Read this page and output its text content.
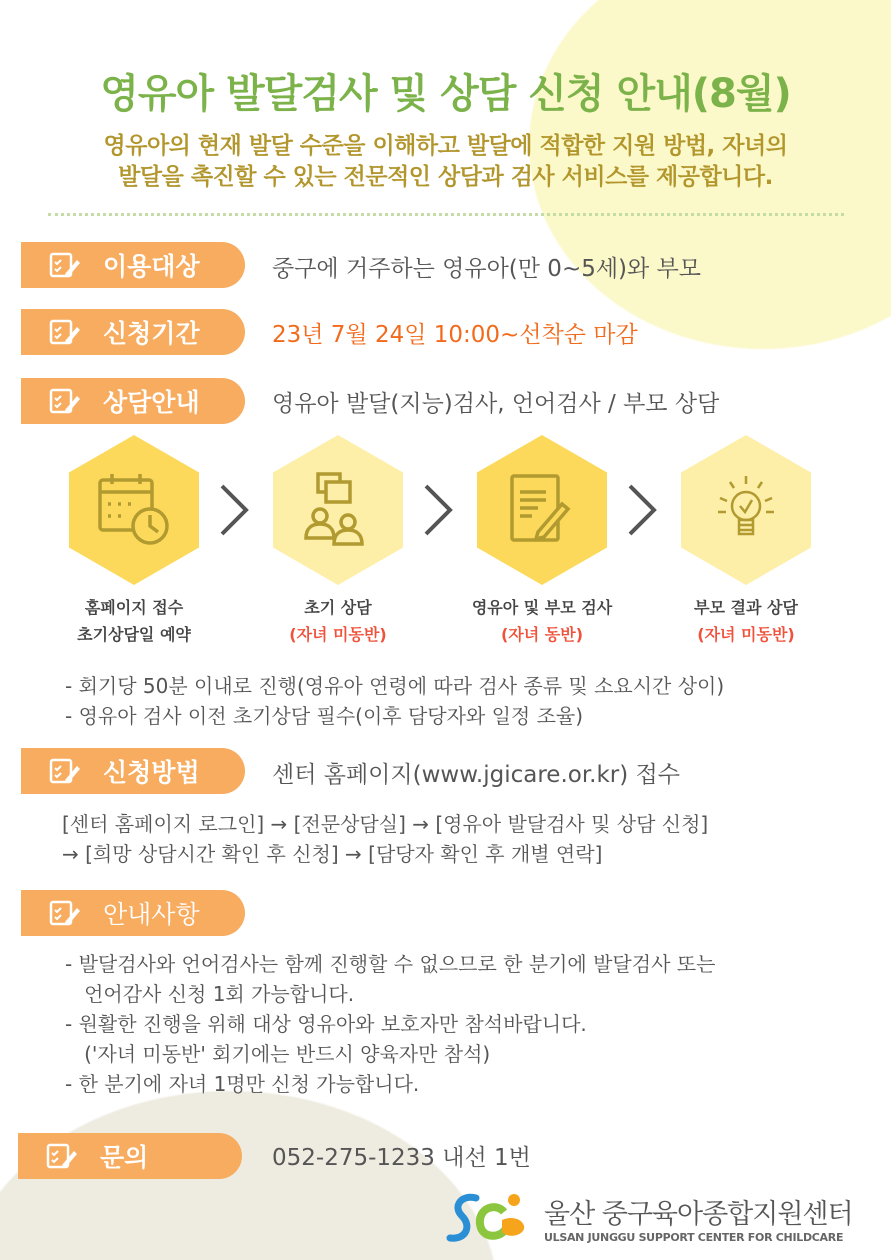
영유아 발달검사 및 상담 신청 안내(8월)
영유아의 현재 발달 수준을 이해하고 발달에 적합한 지원 방법, 자녀의
발달을 촉진할 수 있는 전문적인 상담과 검사 서비스를 제공합니다.
이용대상	중구에 거주하는 영유아(만 0~5세)와 부모
신청기간	23년 7월 24일 10:00~선착순 마감
상담안내	영유아 발달(지능)검사, 언어검사 / 부모 상담
홈페이지 접수
초기상담일 예약
초기 상담
(자녀 미동반)
영유아 및 부모 검사
(자녀 동반)
부모 결과 상담
(자녀 미동반)
- 회기당 50분 이내로 진행(영유아 연령에 따라 검사 종류 및 소요시간 상이)
- 영유아 검사 이전 초기상담 필수(이후 담당자와 일정 조율)
신청방법	센터 홈페이지(www.jgicare.or.kr) 접수
[센터 홈페이지 로그인] → [전문상담실] → [영유아 발달검사 및 상담 신청]
→ [희망 상담시간 확인 후 신청] → [담당자 확인 후 개별 연락]
안내사항
- 발달검사와 언어검사는 함께 진행할 수 없으므로 한 분기에 발달검사 또는
언어감사 신청 1회 가능합니다.
- 원활한 진행을 위해 대상 영유아와 보호자만 참석바랍니다.
('자녀 미동반' 회기에는 반드시 양육자만 참석)
- 한 분기에 자녀 1명만 신청 가능합니다.
문의	052-275-1233 내선 1번
울산 중구육아종합지원센터
ULSAN JUNGGU SUPPORT CENTER FOR CHILDCARE
